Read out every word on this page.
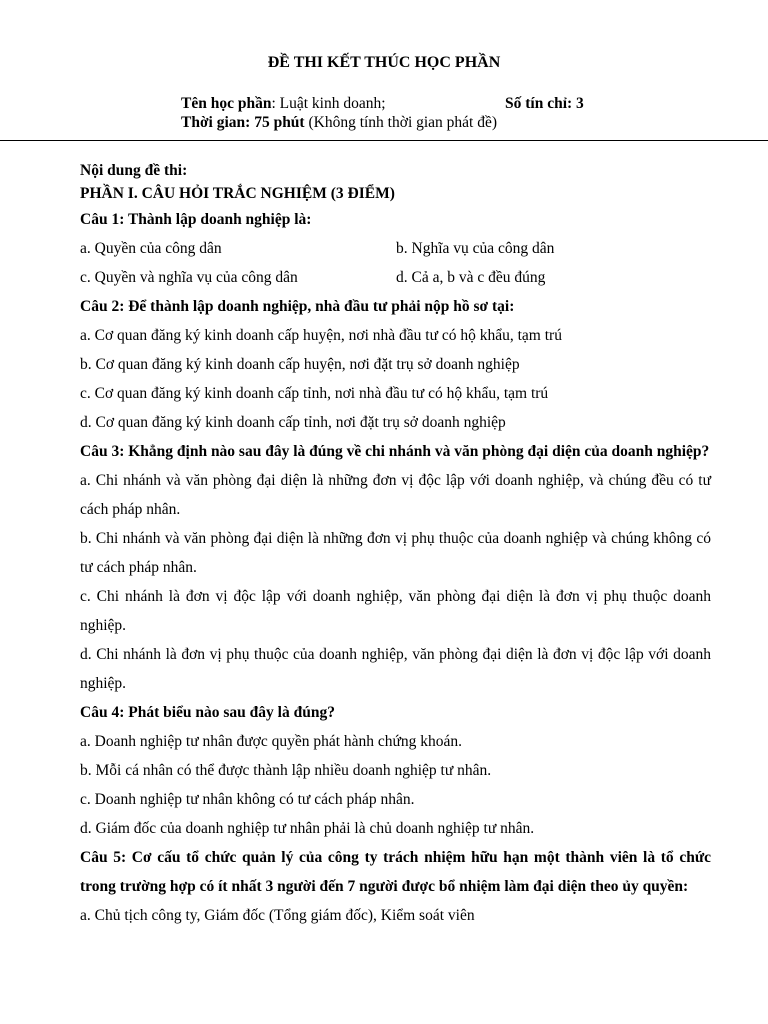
ĐỀ THI KẾT THÚC HỌC PHẦN
Tên học phần: Luật kinh doanh;	Số tín chỉ: 3
Thời gian: 75 phút (Không tính thời gian phát đề)

Nội dung đề thi:

PHẦN I. CÂU HỎI TRẮC NGHIỆM (3 ĐIỂM)

Câu 1: Thành lập doanh nghiệp là:

a. Quyền của công dân	b. Nghĩa vụ của công dân

c. Quyền và nghĩa vụ của công dân	d. Cả a, b và c đều đúng

Câu 2: Để thành lập doanh nghiệp, nhà đầu tư phải nộp hồ sơ tại:

a. Cơ quan đăng ký kinh doanh cấp huyện, nơi nhà đầu tư có hộ khẩu, tạm trú

b. Cơ quan đăng ký kinh doanh cấp huyện, nơi đặt trụ sở doanh nghiệp

c. Cơ quan đăng ký kinh doanh cấp tỉnh, nơi nhà đầu tư có hộ khẩu, tạm trú

d. Cơ quan đăng ký kinh doanh cấp tỉnh, nơi đặt trụ sở doanh nghiệp

Câu 3: Khẳng định nào sau đây là đúng về chi nhánh và văn phòng đại diện của doanh nghiệp?

a. Chi nhánh và văn phòng đại diện là những đơn vị độc lập với doanh nghiệp, và chúng đều có tư cách pháp nhân.

b. Chi nhánh và văn phòng đại diện là những đơn vị phụ thuộc của doanh nghiệp và chúng không có tư cách pháp nhân.

c. Chi nhánh là đơn vị độc lập với doanh nghiệp, văn phòng đại diện là đơn vị phụ thuộc doanh nghiệp.

d. Chi nhánh là đơn vị phụ thuộc của doanh nghiệp, văn phòng đại diện là đơn vị độc lập với doanh nghiệp.

Câu 4: Phát biểu nào sau đây là đúng?

a. Doanh nghiệp tư nhân được quyền phát hành chứng khoán.

b. Mỗi cá nhân có thể được thành lập nhiều doanh nghiệp tư nhân.

c. Doanh nghiệp tư nhân không có tư cách pháp nhân.

d. Giám đốc của doanh nghiệp tư nhân phải là chủ doanh nghiệp tư nhân.

Câu 5: Cơ cấu tổ chức quản lý của công ty trách nhiệm hữu hạn một thành viên là tổ chức trong trường hợp có ít nhất 3 người đến 7 người được bổ nhiệm làm đại diện theo ủy quyền:

a. Chủ tịch công ty, Giám đốc (Tổng giám đốc), Kiểm soát viên
